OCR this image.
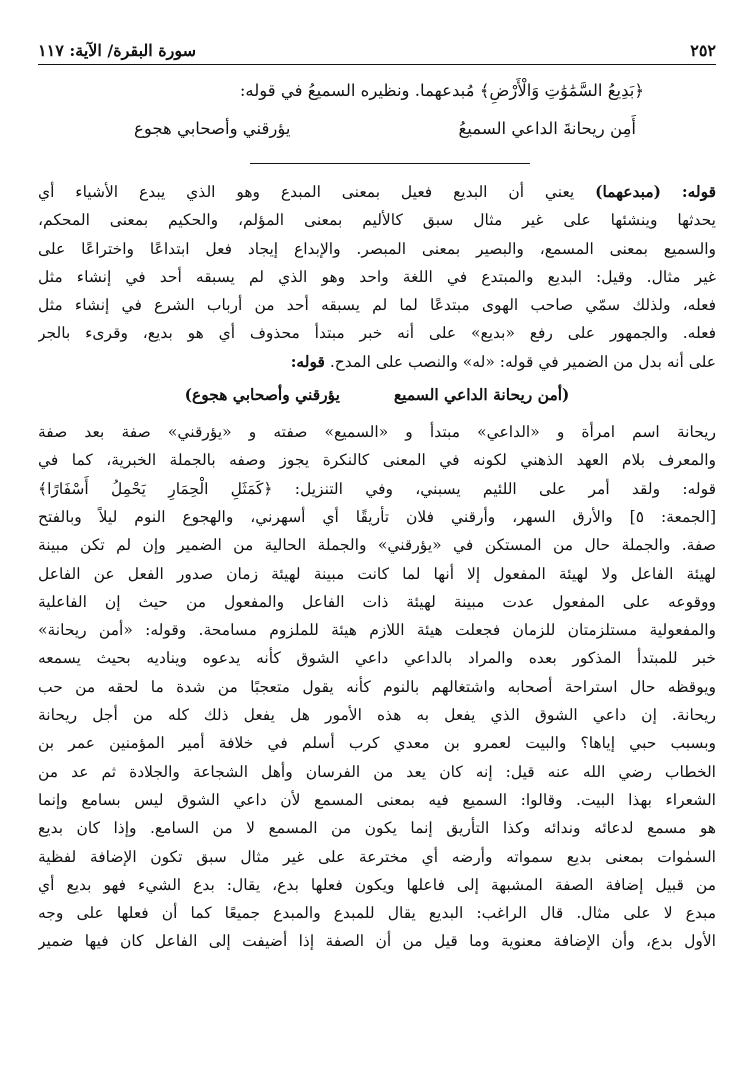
٢٥٢
سورة البقرة/ الآية: ١١٧
﴿بَدِيعُ السَّمَٰوَٰتِ وَالْأَرْضِ﴾ مُبدعهما. ونظيره السميعُ في قوله:
أَمِن ريحانةَ الداعي السميعُ
يؤرقني وأصحابي هجوع
قوله: (مبدعهما) يعني أن البديع فعيل بمعنى المبدع وهو الذي يبدع الأشياء أي
يحدثها وينشئها على غير مثال سبق كالأليم بمعنى المؤلم، والحكيم بمعنى المحكم،
والسميع بمعنى المسمع، والبصير بمعنى المبصر. والإبداع إيجاد فعل ابتداعًا واختراعًا على
غير مثال. وقيل: البديع والمبتدع في اللغة واحد وهو الذي لم يسبقه أحد في إنشاء مثل
فعله، ولذلك سمّي صاحب الهوى مبتدعًا لما لم يسبقه أحد من أرباب الشرع في إنشاء مثل
فعله. والجمهور على رفع «بديع» على أنه خبر مبتدأ محذوف أي هو بديع، وقرىء بالجر
على أنه بدل من الضمير في قوله: «له» والنصب على المدح. قوله:
(أمن ريحانة الداعي السميع
يؤرقني وأصحابي هجوع)
ريحانة اسم امرأة و «الداعي» مبتدأ و «السميع» صفته و «يؤرقني» صفة بعد صفة
والمعرف بلام العهد الذهني لكونه في المعنى كالنكرة يجوز وصفه بالجملة الخبرية، كما في
قوله: ولقد أمر على اللئيم يسبني، وفي التنزيل: ﴿كَمَثَلِ الْحِمَارِ يَحْمِلُ أَسْفَارًا﴾
[الجمعة: ٥] والأرق السهر، وأرقني فلان تأريقًا أي أسهرني، والهجوع النوم ليلاً وبالفتح
صفة. والجملة حال من المستكن في «يؤرقني» والجملة الحالية من الضمير وإن لم تكن مبينة
لهيئة الفاعل ولا لهيئة المفعول إلا أنها لما كانت مبينة لهيئة زمان صدور الفعل عن الفاعل
ووقوعه على المفعول عدت مبينة لهيئة ذات الفاعل والمفعول من حيث إن الفاعلية
والمفعولية مستلزمتان للزمان فجعلت هيئة اللازم هيئة للملزوم مسامحة. وقوله: «أمن ريحانة»
خبر للمبتدأ المذكور بعده والمراد بالداعي داعي الشوق كأنه يدعوه ويناديه بحيث يسمعه
ويوقظه حال استراحة أصحابه واشتغالهم بالنوم كأنه يقول متعجبًا من شدة ما لحقه من حب
ريحانة. إن داعي الشوق الذي يفعل به هذه الأمور هل يفعل ذلك كله من أجل ريحانة
وبسبب حبي إياها؟ والبيت لعمرو بن معدي كرب أسلم في خلافة أمير المؤمنين عمر بن
الخطاب رضي الله عنه قيل: إنه كان يعد من الفرسان وأهل الشجاعة والجلادة ثم عد من
الشعراء بهذا البيت. وقالوا: السميع فيه بمعنى المسمع لأن داعي الشوق ليس بسامع وإنما
هو مسمع لدعائه وندائه وكذا التأريق إنما يكون من المسمع لا من السامع. وإذا كان بديع
السمٰوات بمعنى بديع سمواته وأرضه أي مخترعة على غير مثال سبق تكون الإضافة لفظية
من قبيل إضافة الصفة المشبهة إلى فاعلها ويكون فعلها بدع، يقال: بدع الشيء فهو بديع أي
مبدع لا على مثال. قال الراغب: البديع يقال للمبدع والمبدع جميعًا كما أن فعلها على وجه
الأول بدع، وأن الإضافة معنوية وما قيل من أن الصفة إذا أضيفت إلى الفاعل كان فيها ضمير
